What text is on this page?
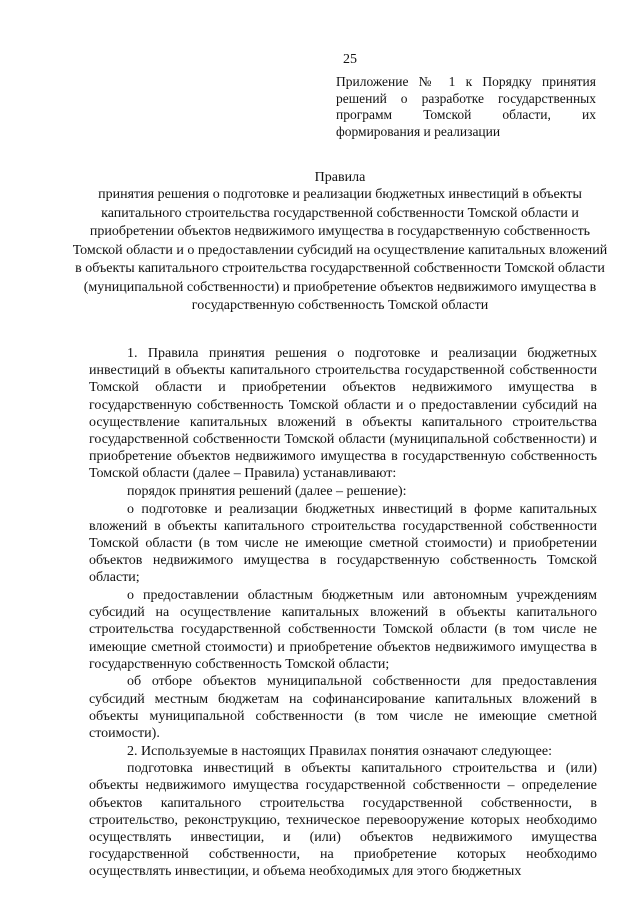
25
Приложение № 1 к Порядку принятия решений о разработке государственных программ Томской области, их формирования и реализации
Правила
принятия решения о подготовке и реализации бюджетных инвестиций в объекты капитального строительства государственной собственности Томской области и приобретении объектов недвижимого имущества в государственную собственность Томской области и о предоставлении субсидий на осуществление капитальных вложений в объекты капитального строительства государственной собственности Томской области (муниципальной собственности) и приобретение объектов недвижимого имущества в государственную собственность Томской области

1. Правила принятия решения о подготовке и реализации бюджетных инвестиций в объекты капитального строительства государственной собственности Томской области и приобретении объектов недвижимого имущества в государственную собственность Томской области и о предоставлении субсидий на осуществление капитальных вложений в объекты капитального строительства государственной собственности Томской области (муниципальной собственности) и приобретение объектов недвижимого имущества в государственную собственность Томской области (далее – Правила) устанавливают:

порядок принятия решений (далее – решение):

о подготовке и реализации бюджетных инвестиций в форме капитальных вложений в объекты капитального строительства государственной собственности Томской области (в том числе не имеющие сметной стоимости) и приобретении объектов недвижимого имущества в государственную собственность Томской области;

о предоставлении областным бюджетным или автономным учреждениям субсидий на осуществление капитальных вложений в объекты капитального строительства государственной собственности Томской области (в том числе не имеющие сметной стоимости) и приобретение объектов недвижимого имущества в государственную собственность Томской области;

об отборе объектов муниципальной собственности для предоставления субсидий местным бюджетам на софинансирование капитальных вложений в объекты муниципальной собственности (в том числе не имеющие сметной стоимости).

2. Используемые в настоящих Правилах понятия означают следующее:

подготовка инвестиций в объекты капитального строительства и (или) объекты недвижимого имущества государственной собственности – определение объектов капитального строительства государственной собственности, в строительство, реконструкцию, техническое перевооружение которых необходимо осуществлять инвестиции, и (или) объектов недвижимого имущества государственной собственности, на приобретение которых необходимо осуществлять инвестиции, и объема необходимых для этого бюджетных
